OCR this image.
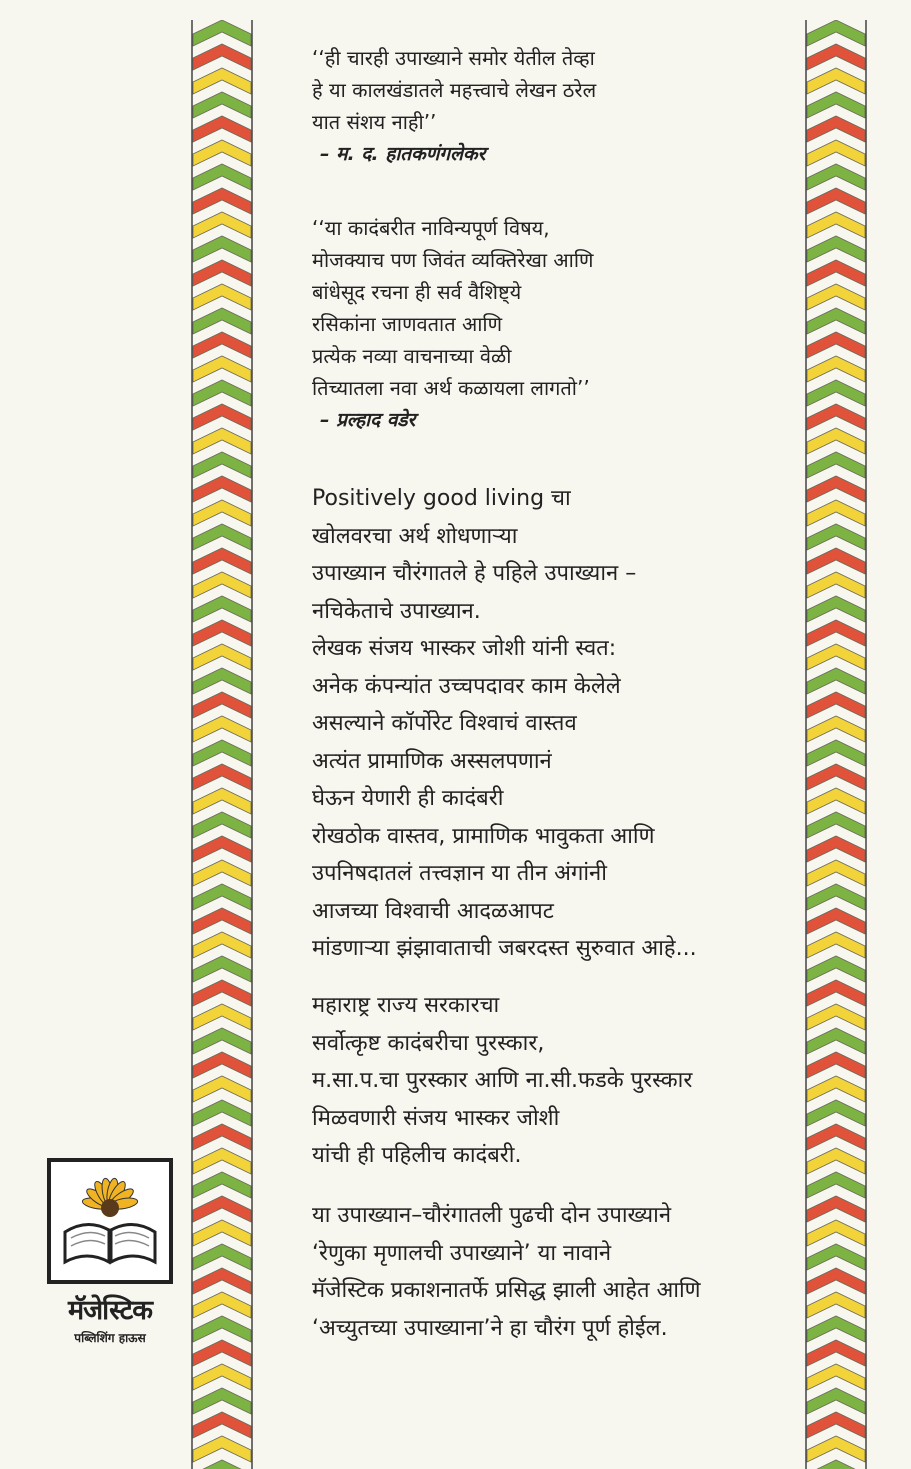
‘‘ही चारही उपाख्याने समोर येतील तेव्हा
हे या कालखंडातले महत्त्वाचे लेखन ठरेल
यात संशय नाही’’
– म. द. हातकणंगलेकर
‘‘या कादंबरीत नाविन्यपूर्ण विषय,
मोजक्याच पण जिवंत व्यक्तिरेखा आणि
बांधेसूद रचना ही सर्व वैशिष्ट्ये
रसिकांना जाणवतात आणि
प्रत्येक नव्या वाचनाच्या वेळी
तिच्यातला नवा अर्थ कळायला लागतो’’
– प्रल्हाद वडेर
Positively good living चा
खोलवरचा अर्थ शोधणाऱ्या
उपाख्यान चौरंगातले हे पहिले उपाख्यान –
नचिकेताचे उपाख्यान.
लेखक संजय भास्कर जोशी यांनी स्वत:
अनेक कंपन्यांत उच्चपदावर काम केलेले
असल्याने कॉर्पोरेट विश्वाचं वास्तव
अत्यंत प्रामाणिक अस्सलपणानं
घेऊन येणारी ही कादंबरी
रोखठोक वास्तव, प्रामाणिक भावुकता आणि
उपनिषदातलं तत्त्वज्ञान या तीन अंगांनी
आजच्या विश्वाची आदळआपट
मांडणाऱ्या झंझावाताची जबरदस्त सुरुवात आहे...
महाराष्ट्र राज्य सरकारचा
सर्वोत्कृष्ट कादंबरीचा पुरस्कार,
म.सा.प.चा पुरस्कार आणि ना.सी.फडके पुरस्कार
मिळवणारी संजय भास्कर जोशी
यांची ही पहिलीच कादंबरी.
या उपाख्यान–चौरंगातली पुढची दोन उपाख्याने
‘रेणुका मृणालची उपाख्याने’ या नावाने
मॅजेस्टिक प्रकाशनातर्फे प्रसिद्ध झाली आहेत आणि
‘अच्युतच्या उपाख्याना’ने हा चौरंग पूर्ण होईल.
मॅजेस्टिक
पब्लिशिंग हाऊस
